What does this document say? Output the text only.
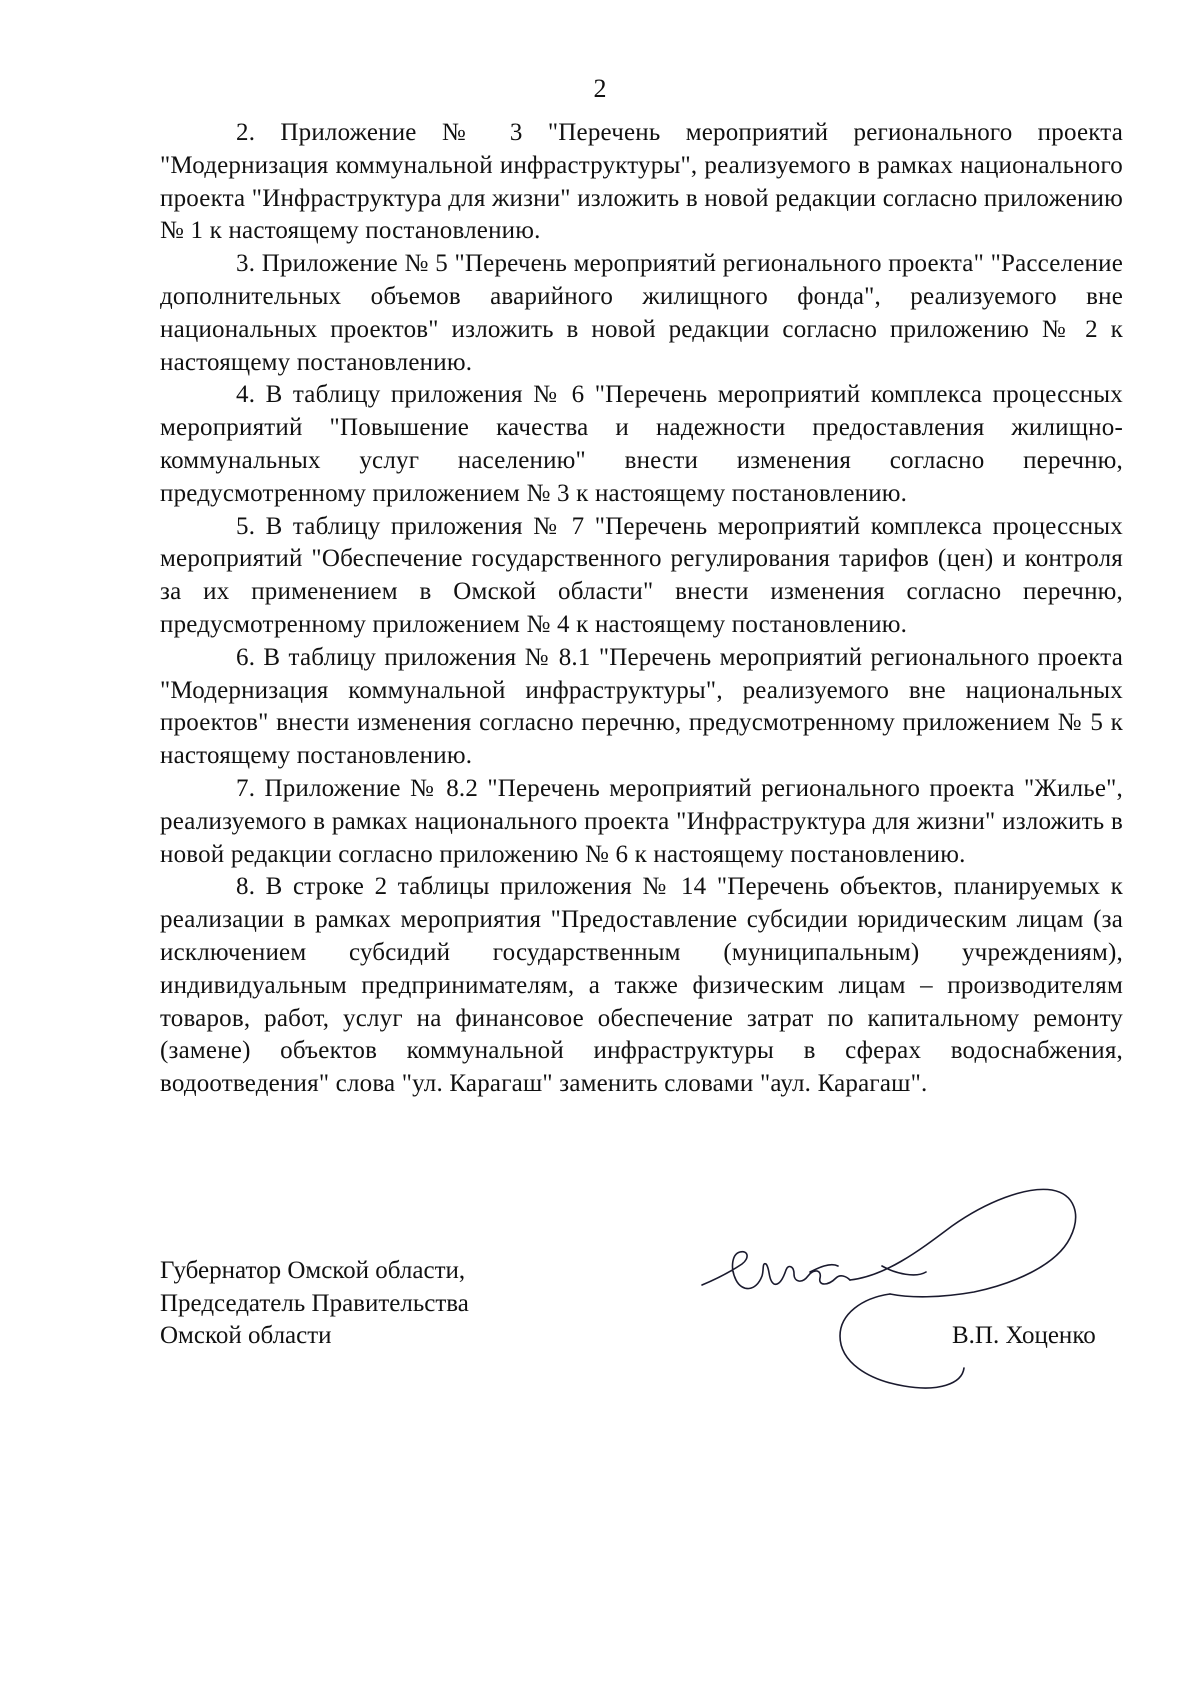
2

2. Приложение № 3 "Перечень мероприятий регионального проекта "Модернизация коммунальной инфраструктуры", реализуемого в рамках национального проекта "Инфраструктура для жизни" изложить в новой редакции согласно приложению № 1 к настоящему постановлению.

3. Приложение № 5 "Перечень мероприятий регионального проекта" "Расселение дополнительных объемов аварийного жилищного фонда", реализуемого вне национальных проектов" изложить в новой редакции согласно приложению № 2 к настоящему постановлению.

4. В таблицу приложения № 6 "Перечень мероприятий комплекса процессных мероприятий "Повышение качества и надежности предоставления жилищно-коммунальных услуг населению" внести изменения согласно перечню, предусмотренному приложением № 3 к настоящему постановлению.

5. В таблицу приложения № 7 "Перечень мероприятий комплекса процессных мероприятий "Обеспечение государственного регулирования тарифов (цен) и контроля за их применением в Омской области" внести изменения согласно перечню, предусмотренному приложением № 4 к настоящему постановлению.

6. В таблицу приложения № 8.1 "Перечень мероприятий регионального проекта "Модернизация коммунальной инфраструктуры", реализуемого вне национальных проектов" внести изменения согласно перечню, предусмотренному приложением № 5 к настоящему постановлению.

7. Приложение № 8.2 "Перечень мероприятий регионального проекта "Жилье", реализуемого в рамках национального проекта "Инфраструктура для жизни" изложить в новой редакции согласно приложению № 6 к настоящему постановлению.

8. В строке 2 таблицы приложения № 14 "Перечень объектов, планируемых к реализации в рамках мероприятия "Предоставление субсидии юридическим лицам (за исключением субсидий государственным (муниципальным) учреждениям), индивидуальным предпринимателям, а также физическим лицам – производителям товаров, работ, услуг на финансовое обеспечение затрат по капитальному ремонту (замене) объектов коммунальной инфраструктуры в сферах водоснабжения, водоотведения" слова "ул. Карагаш" заменить словами "аул. Карагаш".

Губернатор Омской области,
Председатель Правительства
Омской области	В.П. Хоценко
